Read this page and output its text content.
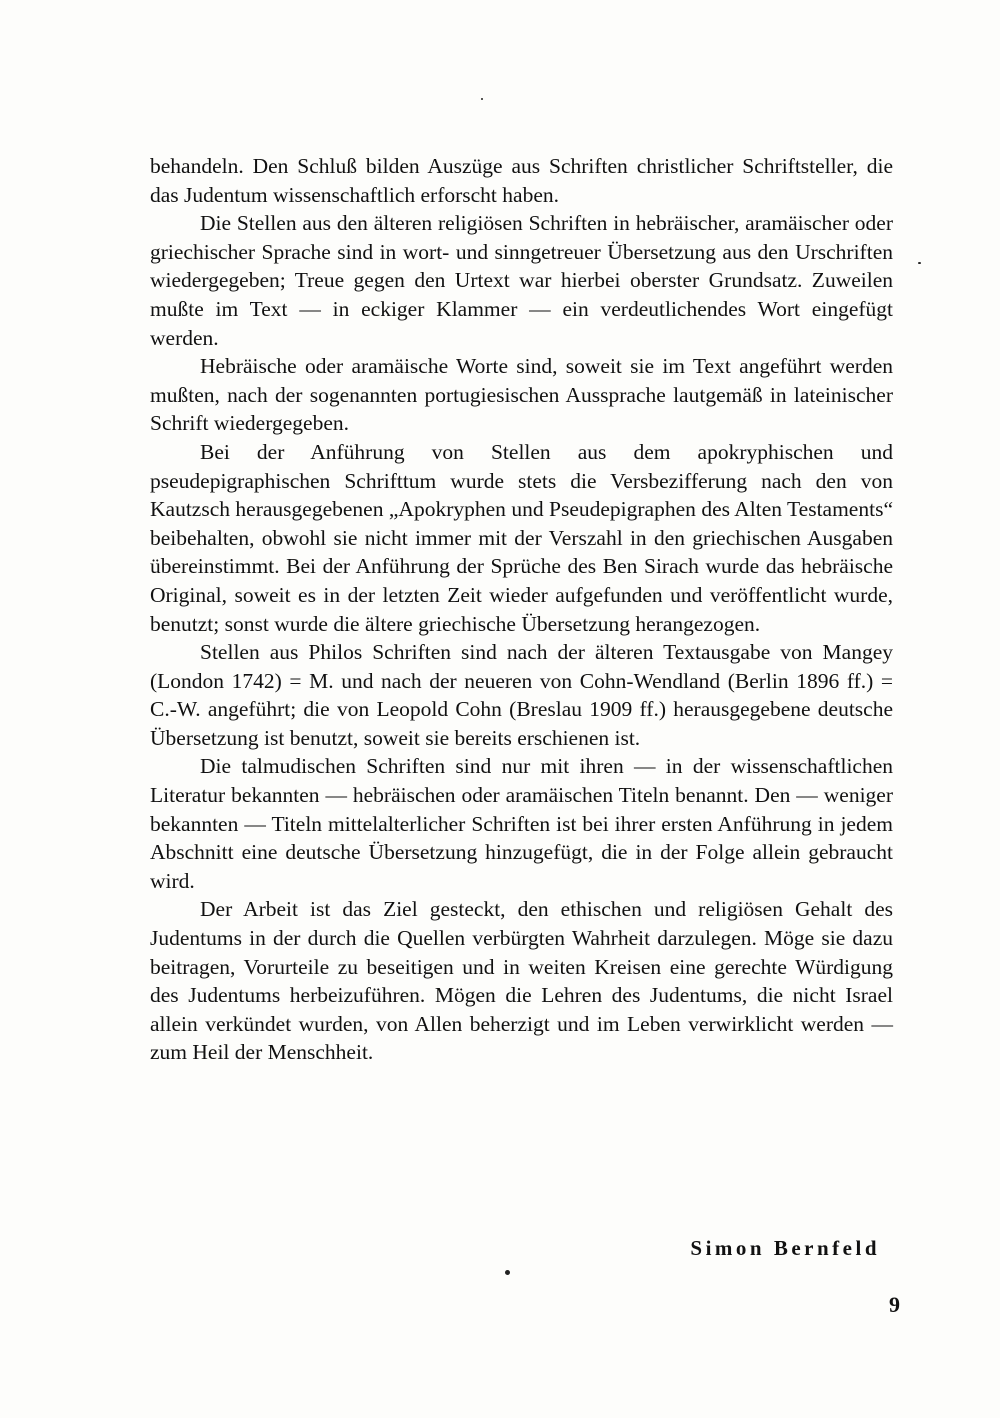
behandeln. Den Schluß bilden Auszüge aus Schriften christlicher Schriftsteller, die das Judentum wissenschaftlich erforscht haben.

Die Stellen aus den älteren religiösen Schriften in hebräischer, aramäischer oder griechischer Sprache sind in wort- und sinngetreuer Übersetzung aus den Urschriften wiedergegeben; Treue gegen den Urtext war hierbei oberster Grundsatz. Zuweilen mußte im Text — in eckiger Klammer — ein verdeutlichendes Wort eingefügt werden.

Hebräische oder aramäische Worte sind, soweit sie im Text angeführt werden mußten, nach der sogenannten portugiesischen Aussprache lautgemäß in lateinischer Schrift wiedergegeben.

Bei der Anführung von Stellen aus dem apokryphischen und pseudepigraphischen Schrifttum wurde stets die Versbezifferung nach den von Kautzsch herausgegebenen „Apokryphen und Pseudepigraphen des Alten Testaments“ beibehalten, obwohl sie nicht immer mit der Verszahl in den griechischen Ausgaben übereinstimmt. Bei der Anführung der Sprüche des Ben Sirach wurde das hebräische Original, soweit es in der letzten Zeit wieder aufgefunden und veröffentlicht wurde, benutzt; sonst wurde die ältere griechische Übersetzung herangezogen.

Stellen aus Philos Schriften sind nach der älteren Textausgabe von Mangey (London 1742) = M. und nach der neueren von Cohn-Wendland (Berlin 1896 ff.) = C.-W. angeführt; die von Leopold Cohn (Breslau 1909 ff.) herausgegebene deutsche Übersetzung ist benutzt, soweit sie bereits erschienen ist.

Die talmudischen Schriften sind nur mit ihren — in der wissenschaftlichen Literatur bekannten — hebräischen oder aramäischen Titeln benannt. Den — weniger bekannten — Titeln mittelalterlicher Schriften ist bei ihrer ersten Anführung in jedem Abschnitt eine deutsche Übersetzung hinzugefügt, die in der Folge allein gebraucht wird.

Der Arbeit ist das Ziel gesteckt, den ethischen und religiösen Gehalt des Judentums in der durch die Quellen verbürgten Wahrheit darzulegen. Möge sie dazu beitragen, Vorurteile zu beseitigen und in weiten Kreisen eine gerechte Würdigung des Judentums herbeizuführen. Mögen die Lehren des Judentums, die nicht Israel allein verkündet wurden, von Allen beherzigt und im Leben verwirklicht werden — zum Heil der Menschheit.

Simon Bernfeld
9
